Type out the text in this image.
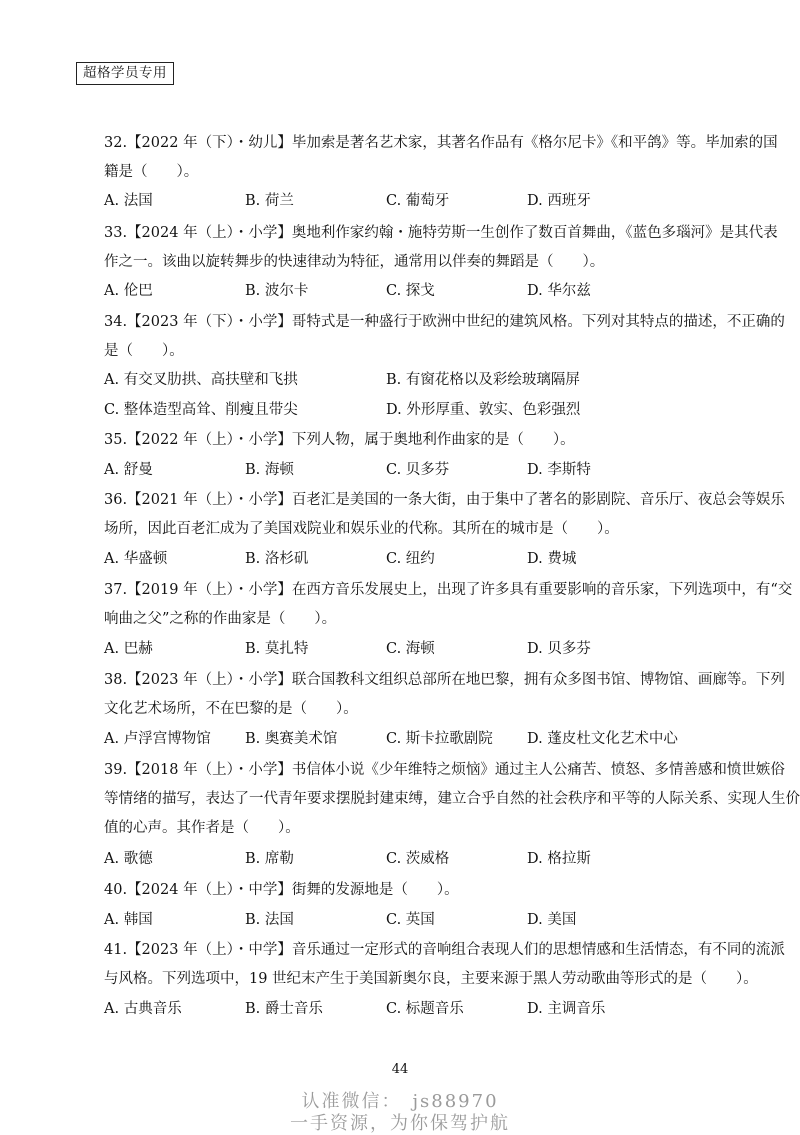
超格学员专用
32.【2022 年（下）・幼儿】毕加索是著名艺术家，其著名作品有《格尔尼卡》《和平鸽》等。毕加索的国
籍是（　　）。
A. 法国	B. 荷兰	C. 葡萄牙	D. 西班牙
33.【2024 年（上）・小学】奥地利作家约翰・施特劳斯一生创作了数百首舞曲，《蓝色多瑙河》是其代表
作之一。该曲以旋转舞步的快速律动为特征，通常用以伴奏的舞蹈是（　　）。
A. 伦巴	B. 波尔卡	C. 探戈	D. 华尔兹
34.【2023 年（下）・小学】哥特式是一种盛行于欧洲中世纪的建筑风格。下列对其特点的描述，不正确的
是（　　）。
A. 有交叉肋拱、高扶壁和飞拱	B. 有窗花格以及彩绘玻璃隔屏
C. 整体造型高耸、削瘦且带尖	D. 外形厚重、敦实、色彩强烈
35.【2022 年（上）・小学】下列人物，属于奥地利作曲家的是（　　）。
A. 舒曼	B. 海顿	C. 贝多芬	D. 李斯特
36.【2021 年（上）・小学】百老汇是美国的一条大街，由于集中了著名的影剧院、音乐厅、夜总会等娱乐
场所，因此百老汇成为了美国戏院业和娱乐业的代称。其所在的城市是（　　）。
A. 华盛顿	B. 洛杉矶	C. 纽约	D. 费城
37.【2019 年（上）・小学】在西方音乐发展史上，出现了许多具有重要影响的音乐家，下列选项中，有“交
响曲之父”之称的作曲家是（　　）。
A. 巴赫	B. 莫扎特	C. 海顿	D. 贝多芬
38.【2023 年（上）・小学】联合国教科文组织总部所在地巴黎，拥有众多图书馆、博物馆、画廊等。下列
文化艺术场所，不在巴黎的是（　　）。
A. 卢浮宫博物馆 B. 奥赛美术馆	C. 斯卡拉歌剧院 D. 蓬皮杜文化艺术中心
39.【2018 年（上）・小学】书信体小说《少年维特之烦恼》通过主人公痛苦、愤怒、多情善感和愤世嫉俗
等情绪的描写，表达了一代青年要求摆脱封建束缚，建立合乎自然的社会秩序和平等的人际关系、实现人生价
值的心声。其作者是（　　）。
A. 歌德	B. 席勒	C. 茨威格	D. 格拉斯
40.【2024 年（上）・中学】街舞的发源地是（　　）。
A. 韩国	B. 法国	C. 英国	D. 美国
41.【2023 年（上）・中学】音乐通过一定形式的音响组合表现人们的思想情感和生活情态，有不同的流派
与风格。下列选项中，19 世纪末产生于美国新奥尔良，主要来源于黑人劳动歌曲等形式的是（　　）。
A. 古典音乐	B. 爵士音乐	C. 标题音乐	D. 主调音乐
44
认准微信：　js88970
一手资源，为你保驾护航
